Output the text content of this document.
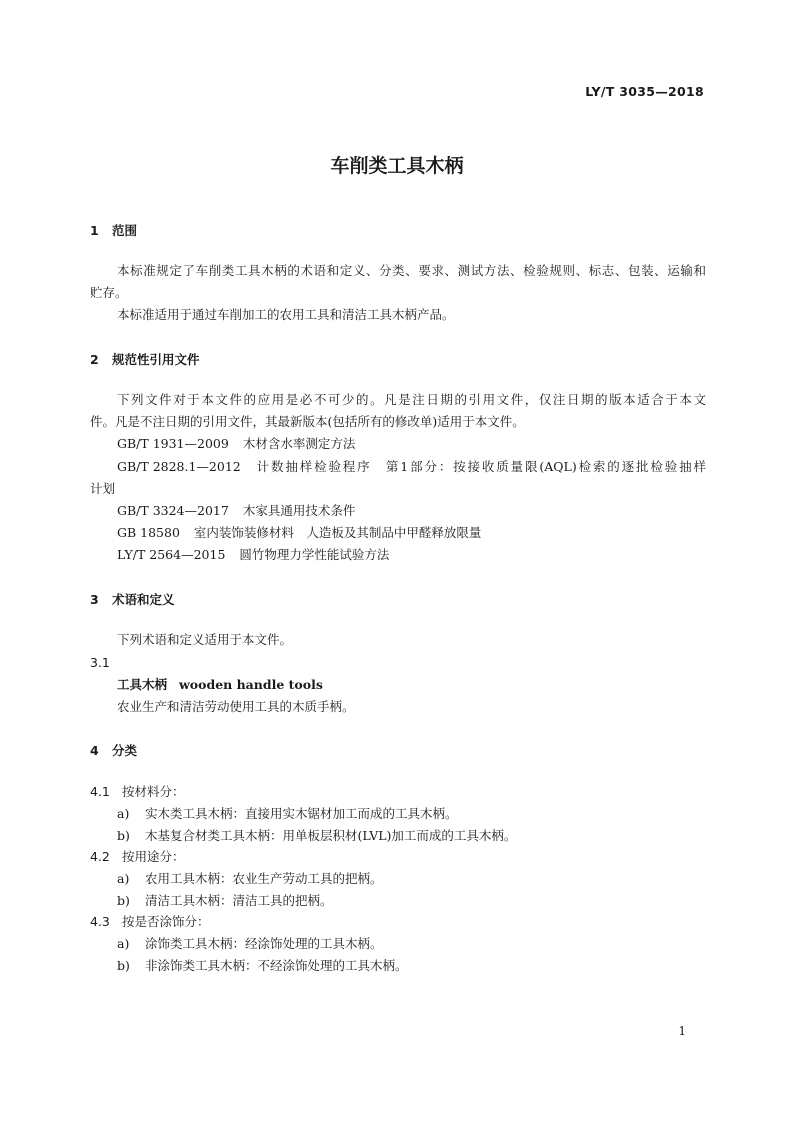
LY/T 3035—2018
车削类工具木柄
1 范围
本标准规定了车削类工具木柄的术语和定义、分类、要求、测试方法、检验规则、标志、包装、运输和
贮存。
本标准适用于通过车削加工的农用工具和清洁工具木柄产品。
2 规范性引用文件
下列文件对于本文件的应用是必不可少的。凡是注日期的引用文件，仅注日期的版本适合于本文
件。凡是不注日期的引用文件，其最新版本(包括所有的修改单)适用于本文件。
GB/T 1931—2009 木材含水率测定方法
GB/T 2828.1—2012 计数抽样检验程序　第1部分：按接收质量限(AQL)检索的逐批检验抽样
计划
GB/T 3324—2017 木家具通用技术条件
GB 18580 室内装饰装修材料　人造板及其制品中甲醛释放限量
LY/T 2564—2015 圆竹物理力学性能试验方法
3 术语和定义
下列术语和定义适用于本文件。
3.1
工具木柄 wooden handle tools
农业生产和清洁劳动使用工具的木质手柄。
4 分类
4.1 按材料分：
a) 实木类工具木柄：直接用实木锯材加工而成的工具木柄。
b) 木基复合材类工具木柄：用单板层积材(LVL)加工而成的工具木柄。
4.2 按用途分：
a) 农用工具木柄：农业生产劳动工具的把柄。
b) 清洁工具木柄：清洁工具的把柄。
4.3 按是否涂饰分：
a) 涂饰类工具木柄：经涂饰处理的工具木柄。
b) 非涂饰类工具木柄：不经涂饰处理的工具木柄。
1
